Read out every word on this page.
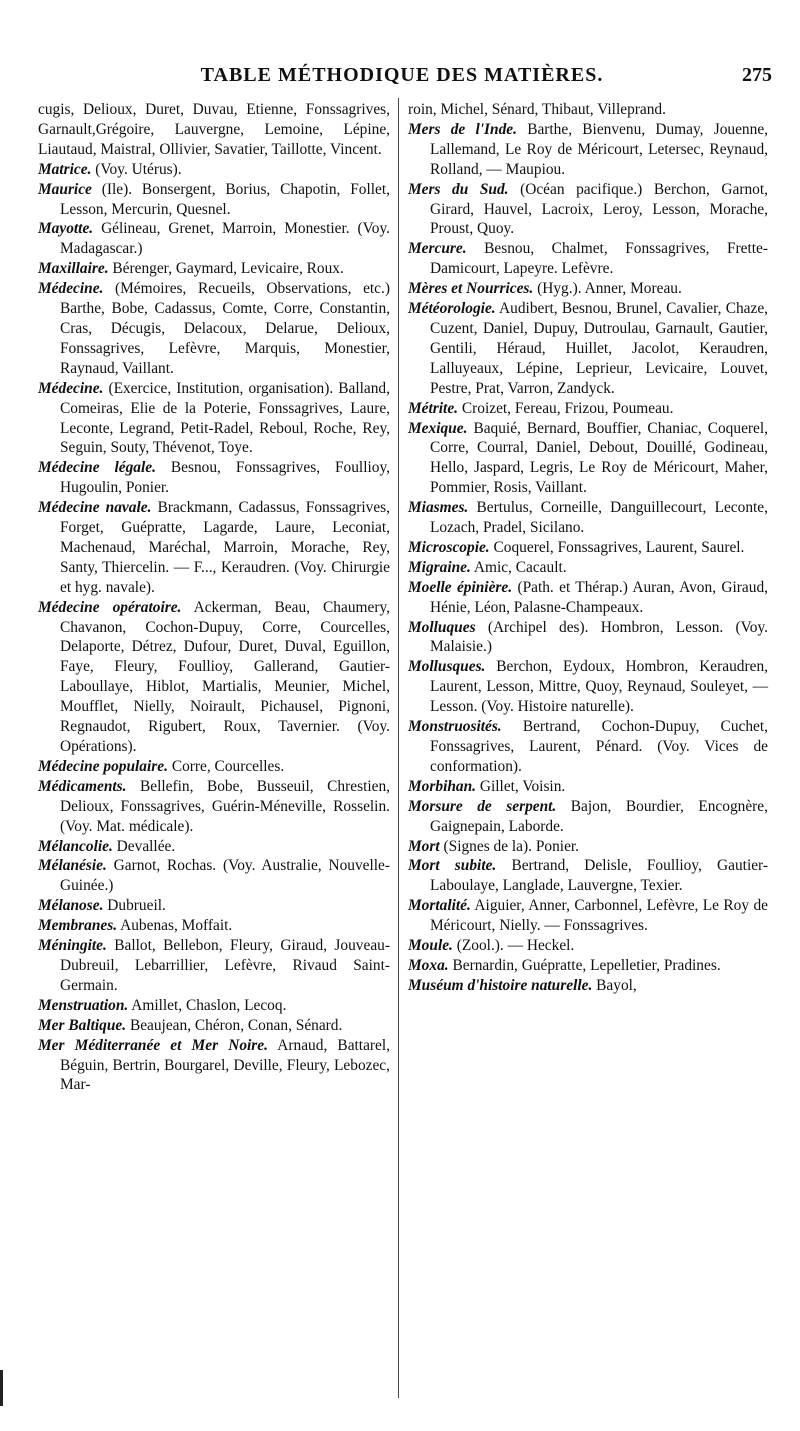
TABLE MÉTHODIQUE DES MATIÈRES.	275
cugis, Delioux, Duret, Duvau, Etienne, Fonssagrives, Garnault,Grégoire, Lauvergne, Lemoine, Lépine, Liautaud, Maistral, Ollivier, Savatier, Taillotte, Vincent.
Matrice. (Voy. Utérus).
Maurice (Ile). Bonsergent, Borius, Chapotin, Follet, Lesson, Mercurin, Quesnel.
Mayotte. Gélineau, Grenet, Marroin, Monestier. (Voy. Madagascar.)
Maxillaire. Bérenger, Gaymard, Levicaire, Roux.
Médecine. (Mémoires, Recueils, Observations, etc.) Barthe, Bobe, Cadassus, Comte, Corre, Constantin, Cras, Décugis, Delacoux, Delarue, Delioux, Fonssagrives, Lefèvre, Marquis, Monestier, Raynaud, Vaillant.
Médecine. (Exercice, Institution, organisation). Balland, Comeiras, Elie de la Poterie, Fonssagrives, Laure, Leconte, Legrand, Petit-Radel, Reboul, Roche, Rey, Seguin, Souty, Thévenot, Toye.
Médecine légale. Besnou, Fonssagrives, Foullioy, Hugoulin, Ponier.
Médecine navale. Brackmann, Cadassus, Fonssagrives, Forget, Guépratte, Lagarde, Laure, Leconiat, Machenaud, Maréchal, Marroin, Morache, Rey, Santy, Thiercelin. — F..., Keraudren. (Voy. Chirurgie et hyg. navale).
Médecine opératoire. Ackerman, Beau, Chaumery, Chavanon, Cochon-Dupuy, Corre, Courcelles, Delaporte, Détrez, Dufour, Duret, Duval, Eguillon, Faye, Fleury, Foullioy, Gallerand, Gautier-Laboullaye, Hiblot, Martialis, Meunier, Michel, Moufflet, Nielly, Noirault, Pichausel, Pignoni, Regnaudot, Rigubert, Roux, Tavernier. (Voy. Opérations).
Médecine populaire. Corre, Courcelles.
Médicaments. Bellefin, Bobe, Busseuil, Chrestien, Delioux, Fonssagrives, Guérin-Méneville, Rosselin. (Voy. Mat. médicale).
Mélancolie. Devallée.
Mélanésie. Garnot, Rochas. (Voy. Australie, Nouvelle-Guinée.)
Mélanose. Dubrueil.
Membranes. Aubenas, Moffait.
Méningite. Ballot, Bellebon, Fleury, Giraud, Jouveau-Dubreuil, Lebarrillier, Lefèvre, Rivaud Saint-Germain.
Menstruation. Amillet, Chaslon, Lecoq.
Mer Baltique. Beaujean, Chéron, Conan, Sénard.
Mer Méditerranée et Mer Noire. Arnaud, Battarel, Béguin, Bertrin, Bourgarel, Deville, Fleury, Lebozec, Mar-
roin, Michel, Sénard, Thibaut, Villeprand.
Mers de l'Inde. Barthe, Bienvenu, Dumay, Jouenne, Lallemand, Le Roy de Méricourt, Letersec, Reynaud, Rolland, — Maupiou.
Mers du Sud. (Océan pacifique.) Berchon, Garnot, Girard, Hauvel, Lacroix, Leroy, Lesson, Morache, Proust, Quoy.
Mercure. Besnou, Chalmet, Fonssagrives, Frette-Damicourt, Lapeyre. Lefèvre.
Mères et Nourrices. (Hyg.). Anner, Moreau.
Météorologie. Audibert, Besnou, Brunel, Cavalier, Chaze, Cuzent, Daniel, Dupuy, Dutroulau, Garnault, Gautier, Gentili, Héraud, Huillet, Jacolot, Keraudren, Lalluyeaux, Lépine, Leprieur, Levicaire, Louvet, Pestre, Prat, Varron, Zandyck.
Métrite. Croizet, Fereau, Frizou, Poumeau.
Mexique. Baquié, Bernard, Bouffier, Chaniac, Coquerel, Corre, Courral, Daniel, Debout, Douillé, Godineau, Hello, Jaspard, Legris, Le Roy de Méricourt, Maher, Pommier, Rosis, Vaillant.
Miasmes. Bertulus, Corneille, Danguillecourt, Leconte, Lozach, Pradel, Sicilano.
Microscopie. Coquerel, Fonssagrives, Laurent, Saurel.
Migraine. Amic, Cacault.
Moelle épinière. (Path. et Thérap.) Auran, Avon, Giraud, Hénie, Léon, Palasne-Champeaux.
Molluques (Archipel des). Hombron, Lesson. (Voy. Malaisie.)
Mollusques. Berchon, Eydoux, Hombron, Keraudren, Laurent, Lesson, Mittre, Quoy, Reynaud, Souleyet, — Lesson. (Voy. Histoire naturelle).
Monstruosités. Bertrand, Cochon-Dupuy, Cuchet, Fonssagrives, Laurent, Pénard. (Voy. Vices de conformation).
Morbihan. Gillet, Voisin.
Morsure de serpent. Bajon, Bourdier, Encognère, Gaignepain, Laborde.
Mort (Signes de la). Ponier.
Mort subite. Bertrand, Delisle, Foullioy, Gautier-Laboulaye, Langlade, Lauvergne, Texier.
Mortalité. Aiguier, Anner, Carbonnel, Lefèvre, Le Roy de Méricourt, Nielly. — Fonssagrives.
Moule. (Zool.). — Heckel.
Moxa. Bernardin, Guépratte, Lepelletier, Pradines.
Muséum d'histoire naturelle. Bayol,
